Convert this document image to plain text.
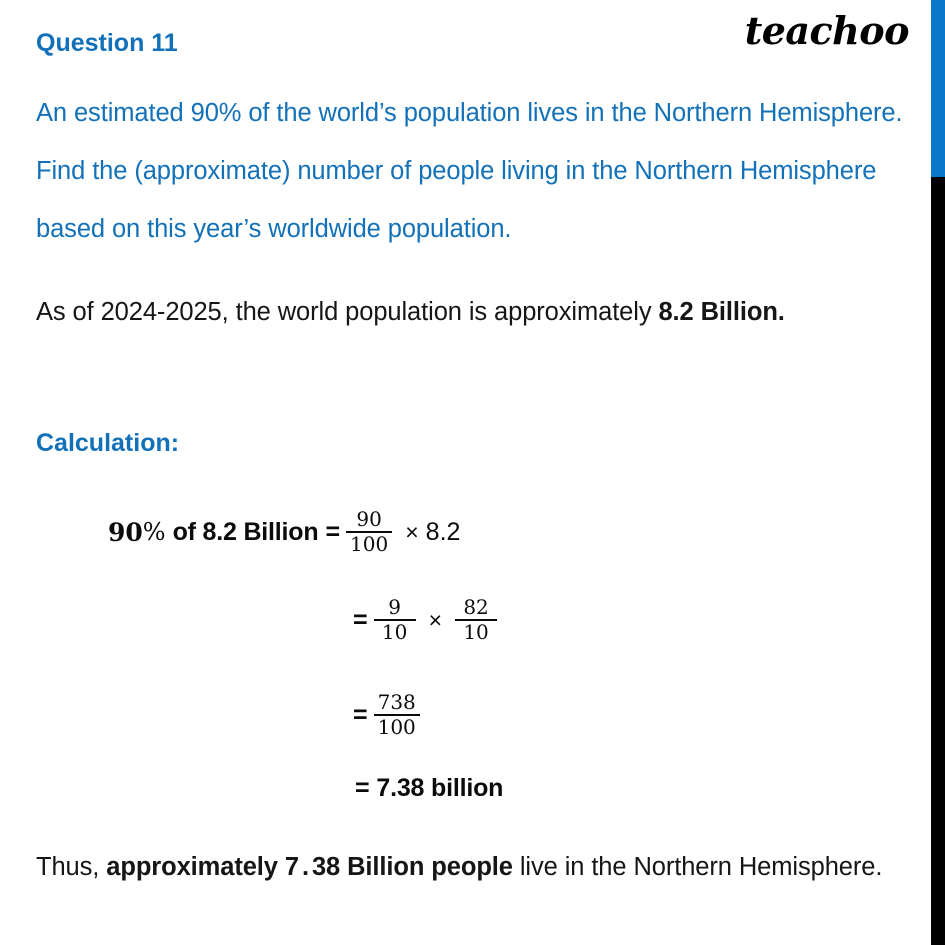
teachoo
Question 11
An estimated 90% of the world’s population lives in the Northern Hemisphere. Find the (approximate) number of people living in the Northern Hemisphere based on this year’s worldwide population.
As of 2024-2025, the world population is approximately 8.2 Billion.
Calculation:
90 % of 8.2 Billion = $\frac{90}{100} \times 8.2$
= $\frac{9}{10} \times \frac{82}{10}$
= $\frac{738}{100}$
= 7.38 billion
Thus, approximately 7 . 38 Billion people live in the Northern Hemisphere.
